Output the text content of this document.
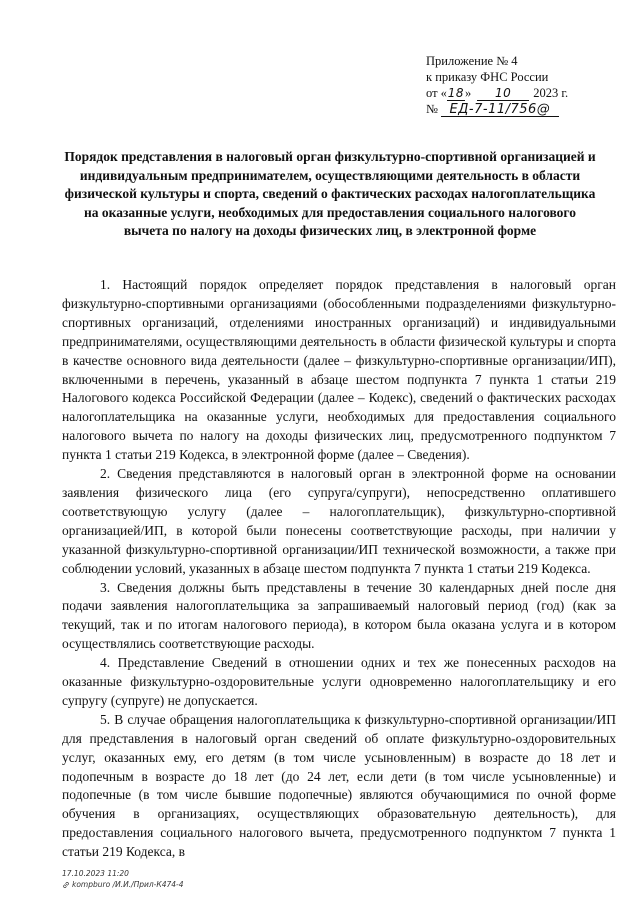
Приложение № 4
к приказу ФНС России
от «18» 10 2023 г.
№ ЕД-7-11/756@
Порядок представления в налоговый орган физкультурно-спортивной организацией и индивидуальным предпринимателем, осуществляющими деятельность в области физической культуры и спорта, сведений о фактических расходах налогоплательщика на оказанные услуги, необходимых для предоставления социального налогового вычета по налогу на доходы физических лиц, в электронной форме

1. Настоящий порядок определяет порядок представления в налоговый орган физкультурно-спортивными организациями (обособленными подразделениями физкультурно-спортивных организаций, отделениями иностранных организаций) и индивидуальными предпринимателями, осуществляющими деятельность в области физической культуры и спорта в качестве основного вида деятельности (далее – физкультурно-спортивные организации/ИП), включенными в перечень, указанный в абзаце шестом подпункта 7 пункта 1 статьи 219 Налогового кодекса Российской Федерации (далее – Кодекс), сведений о фактических расходах налогоплательщика на оказанные услуги, необходимых для предоставления социального налогового вычета по налогу на доходы физических лиц, предусмотренного подпунктом 7 пункта 1 статьи 219 Кодекса, в электронной форме (далее – Сведения).

2. Сведения представляются в налоговый орган в электронной форме на основании заявления физического лица (его супруга/супруги), непосредственно оплатившего соответствующую услугу (далее – налогоплательщик), физкультурно-спортивной организацией/ИП, в которой были понесены соответствующие расходы, при наличии у указанной физкультурно-спортивной организации/ИП технической возможности, а также при соблюдении условий, указанных в абзаце шестом подпункта 7 пункта 1 статьи 219 Кодекса.

3. Сведения должны быть представлены в течение 30 календарных дней после дня подачи заявления налогоплательщика за запрашиваемый налоговый период (год) (как за текущий, так и по итогам налогового периода), в котором была оказана услуга и в котором осуществлялись соответствующие расходы.

4. Представление Сведений в отношении одних и тех же понесенных расходов на оказанные физкультурно-оздоровительные услуги одновременно налогоплательщику и его супругу (супруге) не допускается.

5. В случае обращения налогоплательщика к физкультурно-спортивной организации/ИП для представления в налоговый орган сведений об оплате физкультурно-оздоровительных услуг, оказанных ему, его детям (в том числе усыновленным) в возрасте до 18 лет и подопечным в возрасте до 18 лет (до 24 лет, если дети (в том числе усыновленные) и подопечные (в том числе бывшие подопечные) являются обучающимися по очной форме обучения в организациях, осуществляющих образовательную деятельность), для предоставления социального налогового вычета, предусмотренного подпунктом 7 пункта 1 статьи 219 Кодекса, в

17.10.2023 11:20
kompburo /И.И./Прил-К474-4
